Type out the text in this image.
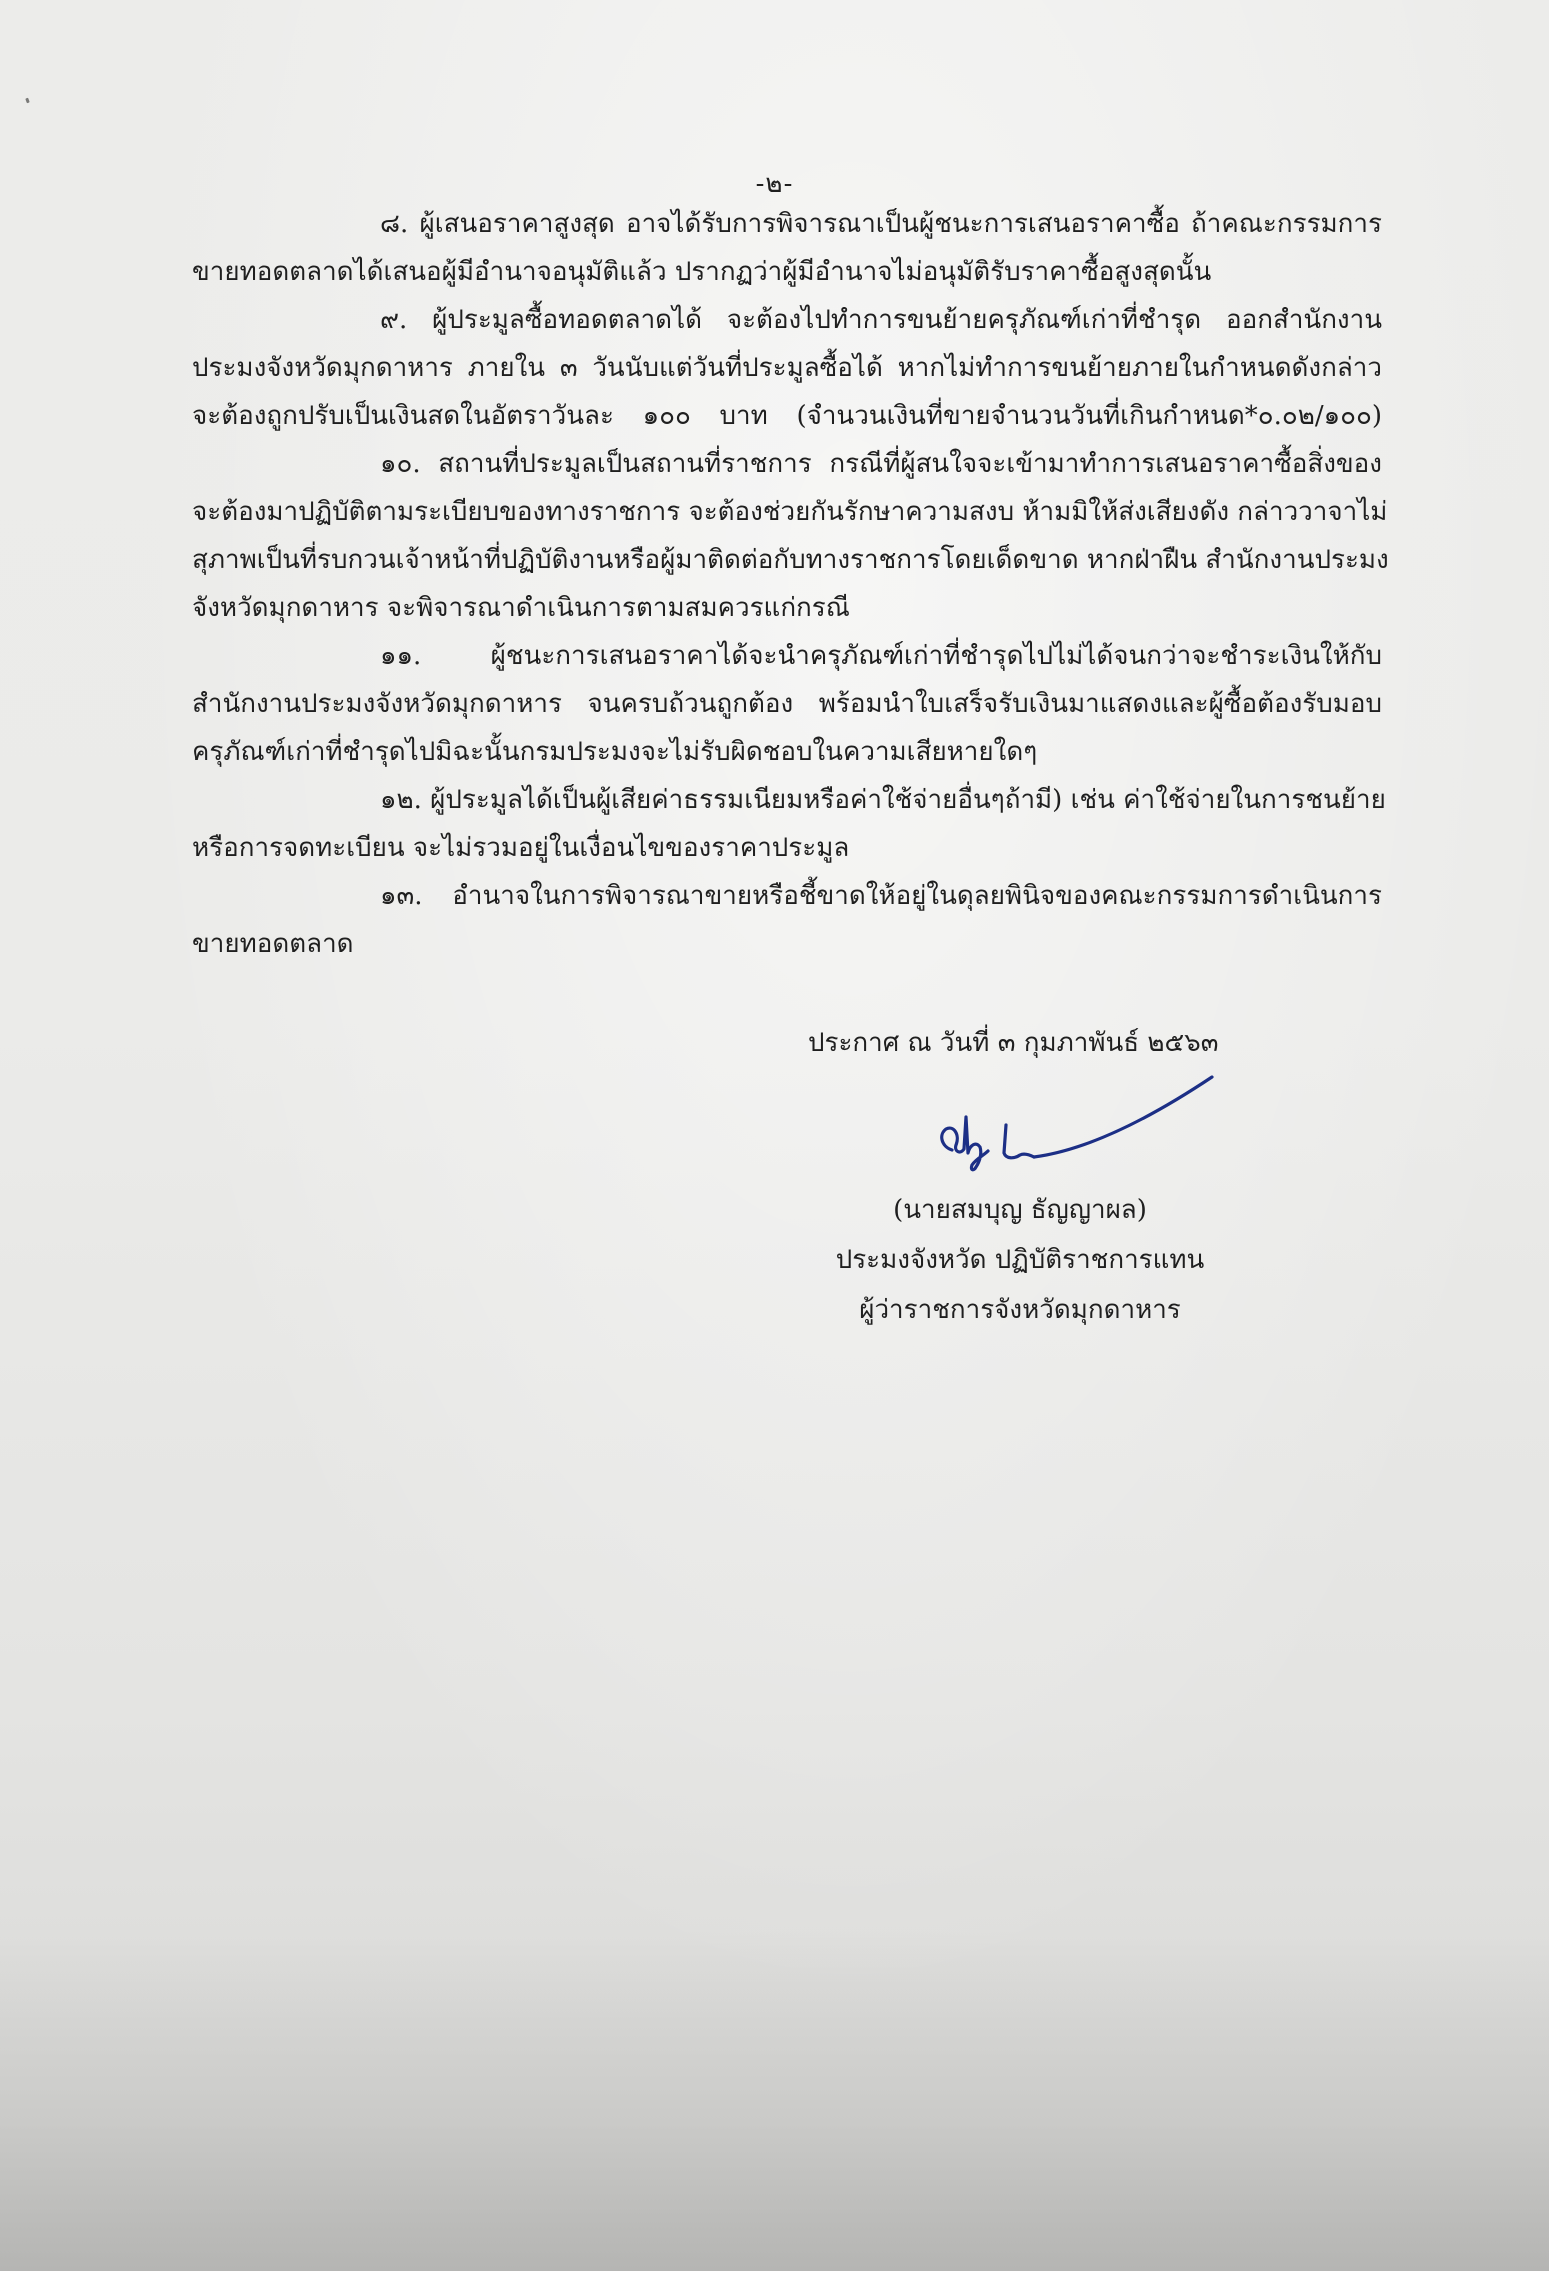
-๒-
๘. ผู้เสนอราคาสูงสุด อาจได้รับการพิจารณาเป็นผู้ชนะการเสนอราคาซื้อ ถ้าคณะกรรมการ
ขายทอดตลาดได้เสนอผู้มีอำนาจอนุมัติแล้ว ปรากฏว่าผู้มีอำนาจไม่อนุมัติรับราคาซื้อสูงสุดนั้น
๙. ผู้ประมูลซื้อทอดตลาดได้ จะต้องไปทำการขนย้ายครุภัณฑ์เก่าที่ชำรุด ออกสำนักงาน
ประมงจังหวัดมุกดาหาร ภายใน ๓ วันนับแต่วันที่ประมูลซื้อได้ หากไม่ทำการขนย้ายภายในกำหนดดังกล่าว
จะต้องถูกปรับเป็นเงินสดในอัตราวันละ ๑๐๐ บาท (จำนวนเงินที่ขายจำนวนวันที่เกินกำหนด*๐.๐๒/๑๐๐)
๑๐. สถานที่ประมูลเป็นสถานที่ราชการ กรณีที่ผู้สนใจจะเข้ามาทำการเสนอราคาซื้อสิ่งของ
จะต้องมาปฏิบัติตามระเบียบของทางราชการ จะต้องช่วยกันรักษาความสงบ ห้ามมิให้ส่งเสียงดัง กล่าววาจาไม่
สุภาพเป็นที่รบกวนเจ้าหน้าที่ปฏิบัติงานหรือผู้มาติดต่อกับทางราชการโดยเด็ดขาด หากฝ่าฝืน สำนักงานประมง
จังหวัดมุกดาหาร จะพิจารณาดำเนินการตามสมควรแก่กรณี
๑๑. ผู้ชนะการเสนอราคาได้จะนำครุภัณฑ์เก่าที่ชำรุดไปไม่ได้จนกว่าจะชำระเงินให้กับ
สำนักงานประมงจังหวัดมุกดาหาร จนครบถ้วนถูกต้อง พร้อมนำใบเสร็จรับเงินมาแสดงและผู้ซื้อต้องรับมอบ
ครุภัณฑ์เก่าที่ชำรุดไปมิฉะนั้นกรมประมงจะไม่รับผิดชอบในความเสียหายใดๆ
๑๒. ผู้ประมูลได้เป็นผู้เสียค่าธรรมเนียมหรือค่าใช้จ่ายอื่นๆถ้ามี) เช่น ค่าใช้จ่ายในการชนย้าย
หรือการจดทะเบียน จะไม่รวมอยู่ในเงื่อนไขของราคาประมูล
๑๓. อำนาจในการพิจารณาขายหรือชี้ขาดให้อยู่ในดุลยพินิจของคณะกรรมการดำเนินการ
ขายทอดตลาด
ประกาศ ณ วันที่ ๓ กุมภาพันธ์ ๒๕๖๓
(นายสมบุญ ธัญญาผล)
ประมงจังหวัด ปฏิบัติราชการแทน
ผู้ว่าราชการจังหวัดมุกดาหาร
